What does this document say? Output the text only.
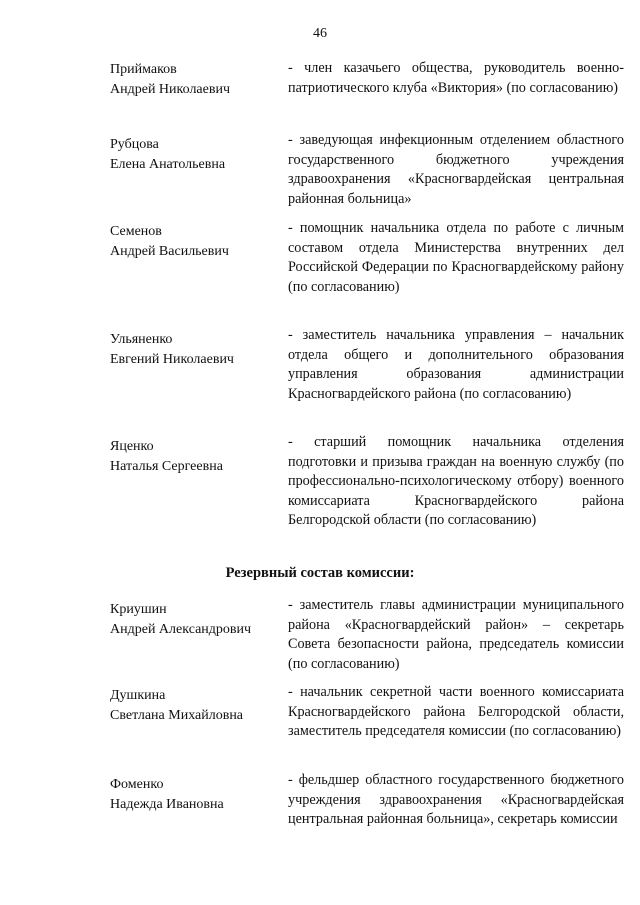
46
Приймаков
Андрей Николаевич
- член казачьего общества, руководитель военно-патриотического клуба «Виктория» (по согласованию)
Рубцова
Елена Анатольевна
- заведующая инфекционным отделением областного государственного бюджетного учреждения здравоохранения «Красногвардейская центральная районная больница»
Семенов
Андрей Васильевич
- помощник начальника отдела по работе с личным составом отдела Министерства внутренних дел Российской Федерации по Красногвардейскому району (по согласованию)
Ульяненко
Евгений Николаевич
- заместитель начальника управления – начальник отдела общего и дополнительного образования управления образования администрации Красногвардейского района (по согласованию)
Яценко
Наталья Сергеевна
- старший помощник начальника отделения подготовки и призыва граждан на военную службу (по профессионально-психологическому отбору) военного комиссариата Красногвардейского района Белгородской области (по согласованию)
Резервный состав комиссии:
Криушин
Андрей Александрович
- заместитель главы администрации муниципального района «Красногвардейский район» – секретарь Совета безопасности района, председатель комиссии (по согласованию)
Душкина
Светлана Михайловна
- начальник секретной части военного комиссариата Красногвардейского района Белгородской области, заместитель председателя комиссии (по согласованию)
Фоменко
Надежда Ивановна
- фельдшер областного государственного бюджетного учреждения здравоохранения «Красногвардейская центральная районная больница», секретарь комиссии
